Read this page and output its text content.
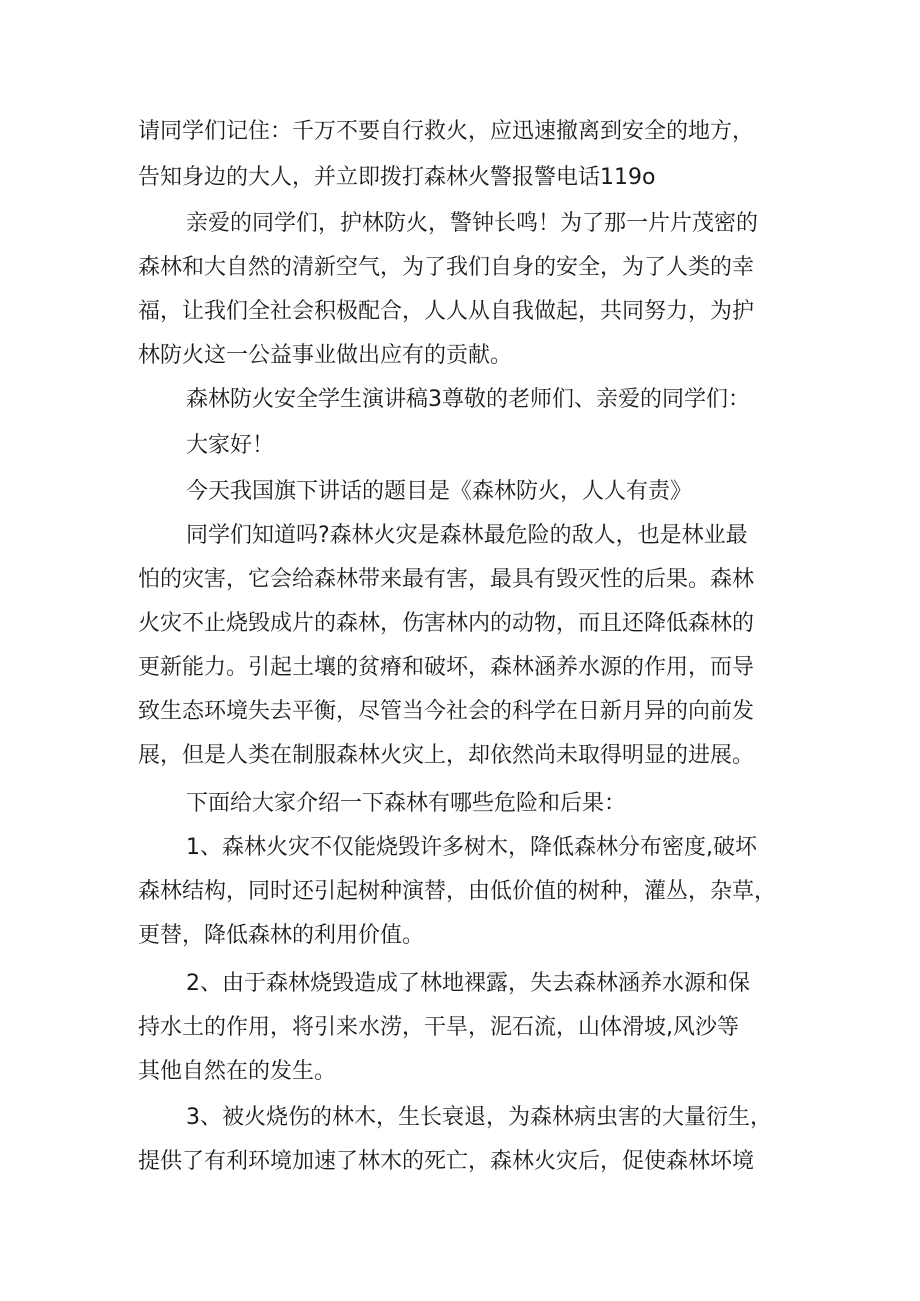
请同学们记住：千万不要自行救火，应迅速撤离到安全的地方，
告知身边的大人，并立即拨打森林火警报警电话119o
亲爱的同学们，护林防火，警钟长鸣！为了那一片片茂密的
森林和大自然的清新空气，为了我们自身的安全，为了人类的幸
福，让我们全社会积极配合，人人从自我做起，共同努力，为护
林防火这一公益事业做出应有的贡献。
森林防火安全学生演讲稿3尊敬的老师们、亲爱的同学们：
大家好！
今天我国旗下讲话的题目是《森林防火，人人有责》
同学们知道吗?森林火灾是森林最危险的敌人，也是林业最
怕的灾害，它会给森林带来最有害，最具有毁灭性的后果。森林
火灾不止烧毁成片的森林，伤害林内的动物，而且还降低森林的
更新能力。引起土壤的贫瘠和破坏，森林涵养水源的作用，而导
致生态环境失去平衡，尽管当今社会的科学在日新月异的向前发
展，但是人类在制服森林火灾上，却依然尚未取得明显的进展。
下面给大家介绍一下森林有哪些危险和后果：
1、森林火灾不仅能烧毁许多树木，降低森林分布密度,破坏
森林结构，同时还引起树种演替，由低价值的树种，灌丛，杂草，
更替，降低森林的利用价值。
2、由于森林烧毁造成了林地裸露，失去森林涵养水源和保
持水土的作用，将引来水涝，干旱，泥石流，山体滑坡,风沙等
其他自然在的发生。
3、被火烧伤的林木，生长衰退，为森林病虫害的大量衍生，
提供了有利环境加速了林木的死亡，森林火灾后，促使森林坏境
